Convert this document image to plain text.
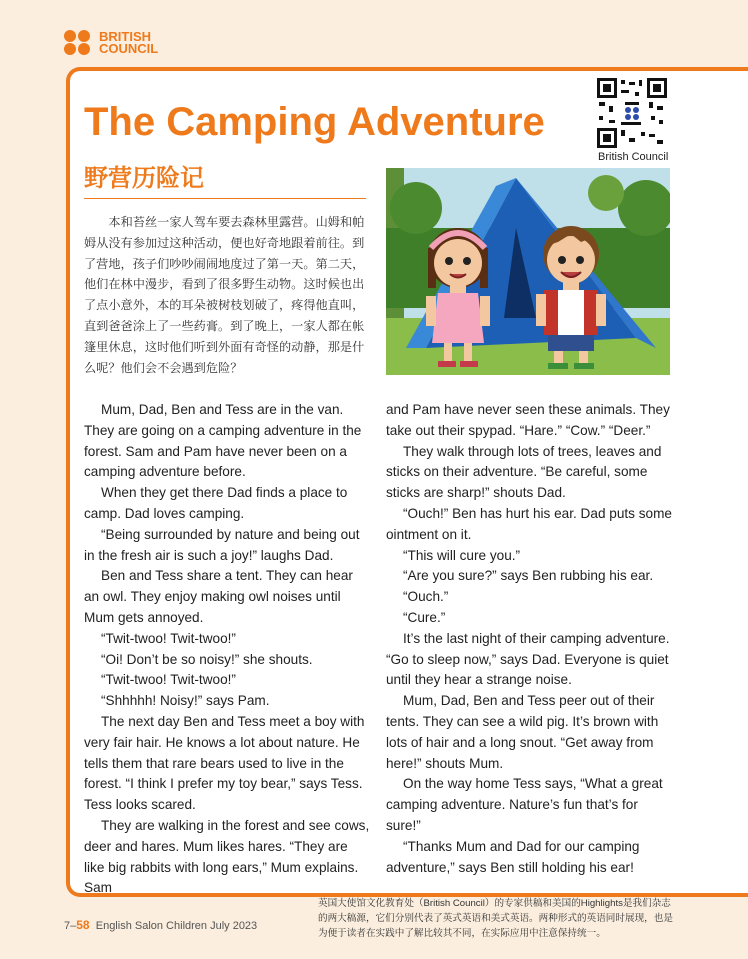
BRITISH
COUNCIL
The Camping Adventure
野营历险记
British Council
本和苔丝一家人驾车要去森林里露营。山姆和帕姆从没有参加过这种活动，便也好奇地跟着前往。到了营地，孩子们吵吵闹闹地度过了第一天。第二天，他们在林中漫步，看到了很多野生动物。这时候也出了点小意外，本的耳朵被树枝划破了，疼得他直叫，直到爸爸涂上了一些药膏。到了晚上，一家人都在帐篷里休息，这时他们听到外面有奇怪的动静，那是什么呢？他们会不会遇到危险？

Mum, Dad, Ben and Tess are in the van. They are going on a camping adventure in the forest. Sam and Pam have never been on a camping adventure before.

When they get there Dad finds a place to camp. Dad loves camping.

“Being surrounded by nature and being out in the fresh air is such a joy!” laughs Dad.

Ben and Tess share a tent. They can hear an owl. They enjoy making owl noises until Mum gets annoyed.

“Twit-twoo! Twit-twoo!”

“Oi! Don’t be so noisy!” she shouts.

“Twit-twoo! Twit-twoo!”

“Shhhhh! Noisy!” says Pam.

The next day Ben and Tess meet a boy with very fair hair. He knows a lot about nature. He tells them that rare bears used to live in the forest. “I think I prefer my toy bear,” says Tess. Tess looks scared.

They are walking in the forest and see cows, deer and hares. Mum likes hares. “They are like big rabbits with long ears,” Mum explains. Sam

and Pam have never seen these animals. They take out their spypad. “Hare.” “Cow.” “Deer.”

They walk through lots of trees, leaves and sticks on their adventure. “Be careful, some sticks are sharp!” shouts Dad.

“Ouch!” Ben has hurt his ear. Dad puts some ointment on it.

“This will cure you.”

“Are you sure?” says Ben rubbing his ear.

“Ouch.”

“Cure.”

It’s the last night of their camping adventure. “Go to sleep now,” says Dad. Everyone is quiet until they hear a strange noise.

Mum, Dad, Ben and Tess peer out of their tents. They can see a wild pig. It’s brown with lots of hair and a long snout. “Get away from here!” shouts Mum.

On the way home Tess says, “What a great camping adventure. Nature’s fun that’s for sure!”

“Thanks Mum and Dad for our camping adventure,” says Ben still holding his ear!

7–58 English Salon Children July 2023
英国大使馆文化教育处（British Council）的专家供稿和美国的Highlights是我们杂志的两大稿源，它们分别代表了英式英语和美式英语。两种形式的英语同时展现，也是为便于读者在实践中了解比较其不同，在实际应用中注意保持统一。
